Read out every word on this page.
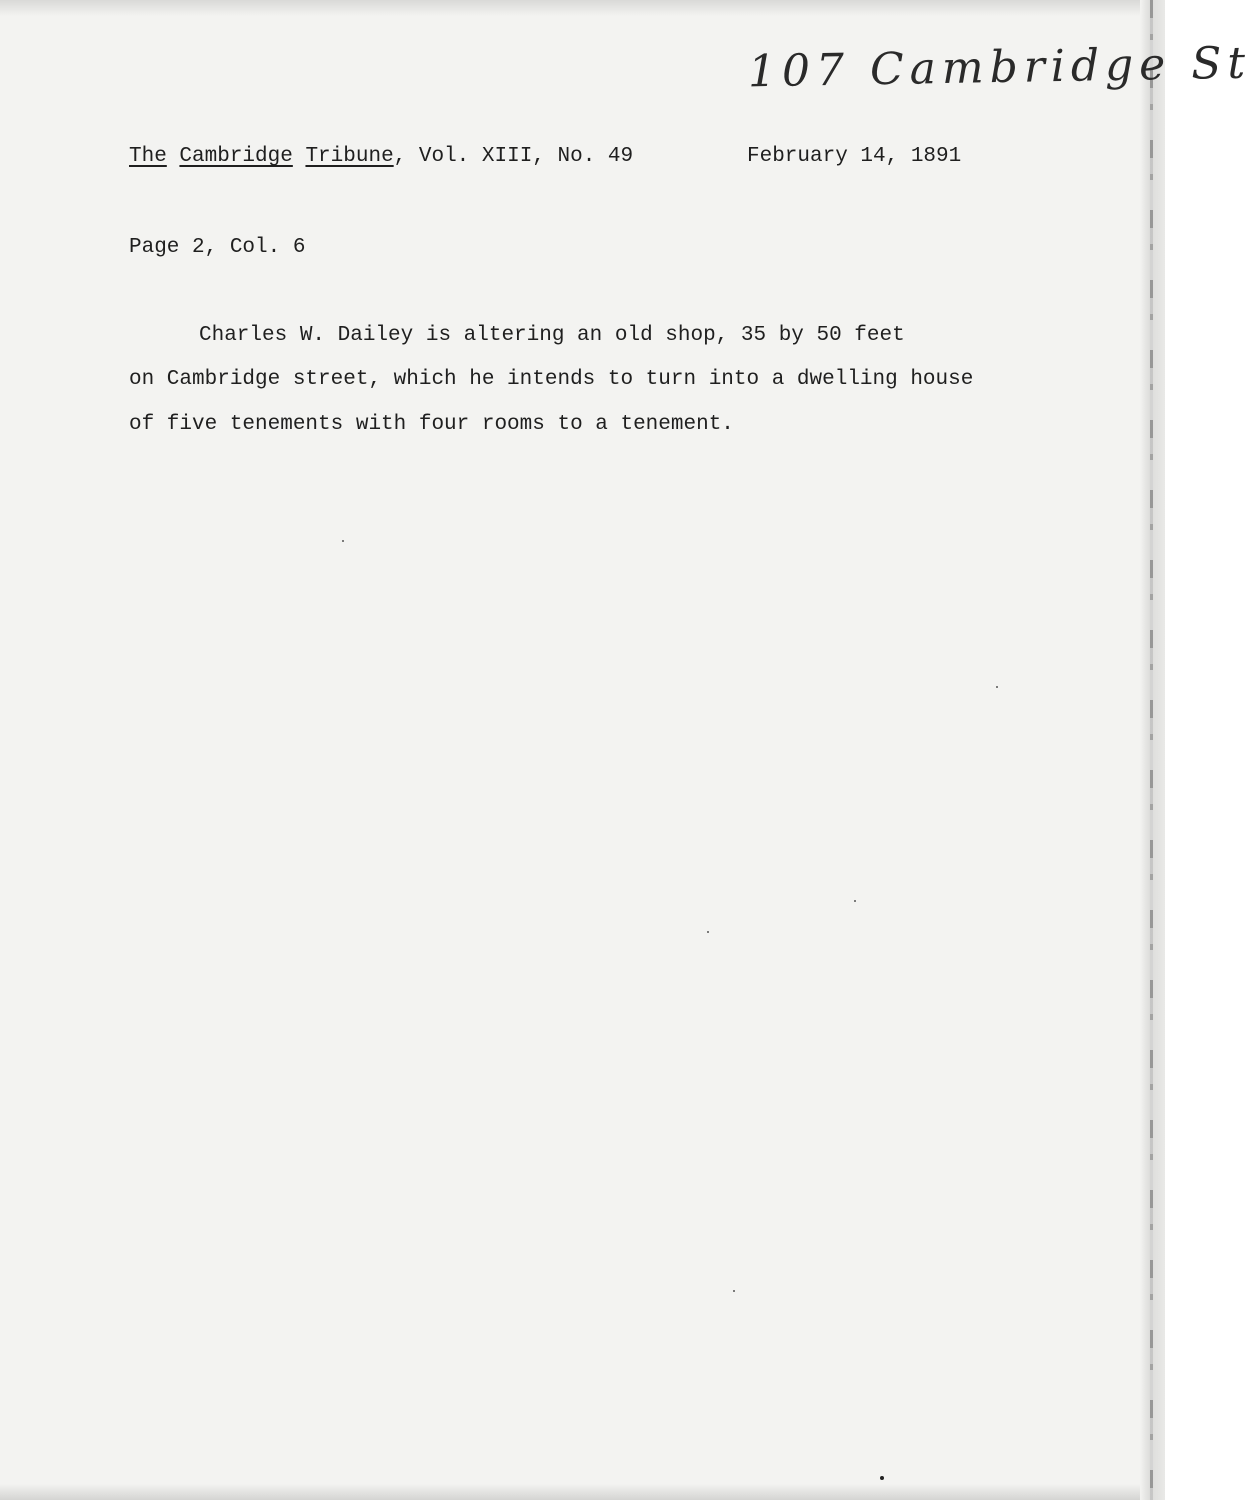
107 Cambridge St
The Cambridge Tribune, Vol. XIII, No. 49	February 14, 1891
Page 2, Col. 6
Charles W. Dailey is altering an old shop, 35 by 50 feet
on Cambridge street, which he intends to turn into a dwelling house
of five tenements with four rooms to a tenement.
